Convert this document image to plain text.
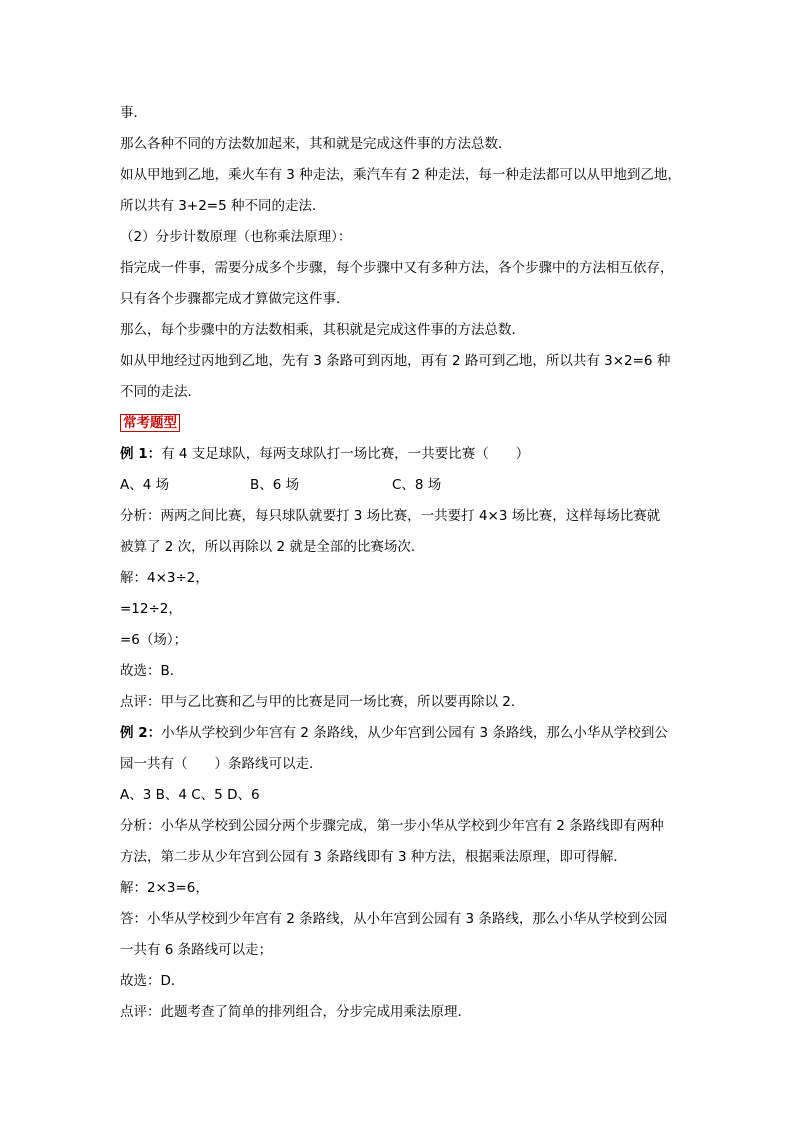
事．
那么各种不同的方法数加起来，其和就是完成这件事的方法总数．
如从甲地到乙地，乘火车有 3 种走法，乘汽车有 2 种走法，每一种走法都可以从甲地到乙地，
所以共有 3+2=5 种不同的走法．
（2）分步计数原理（也称乘法原理）：
指完成一件事，需要分成多个步骤，每个步骤中又有多种方法，各个步骤中的方法相互依存，
只有各个步骤都完成才算做完这件事．
那么，每个步骤中的方法数相乘，其积就是完成这件事的方法总数．
如从甲地经过丙地到乙地，先有 3 条路可到丙地，再有 2 路可到乙地，所以共有 3×2=6 种
不同的走法．
常考题型
例 1：有 4 支足球队，每两支球队打一场比赛，一共要比赛（　　）
A、4 场	B、6 场	C、8 场
分析：两两之间比赛，每只球队就要打 3 场比赛，一共要打 4×3 场比赛，这样每场比赛就
被算了 2 次，所以再除以 2 就是全部的比赛场次．
解：4×3÷2，
=12÷2，
=6（场）；
故选：B．
点评：甲与乙比赛和乙与甲的比赛是同一场比赛，所以要再除以 2．
例 2：小华从学校到少年宫有 2 条路线，从少年宫到公园有 3 条路线，那么小华从学校到公
园一共有（　　）条路线可以走．
A、3 B、4 C、5 D、6
分析：小华从学校到公园分两个步骤完成，第一步小华从学校到少年宫有 2 条路线即有两种
方法，第二步从少年宫到公园有 3 条路线即有 3 种方法，根据乘法原理，即可得解．
解：2×3=6，
答：小华从学校到少年宫有 2 条路线，从小年宫到公园有 3 条路线，那么小华从学校到公园
一共有 6 条路线可以走；
故选：D．
点评：此题考查了简单的排列组合，分步完成用乘法原理．
